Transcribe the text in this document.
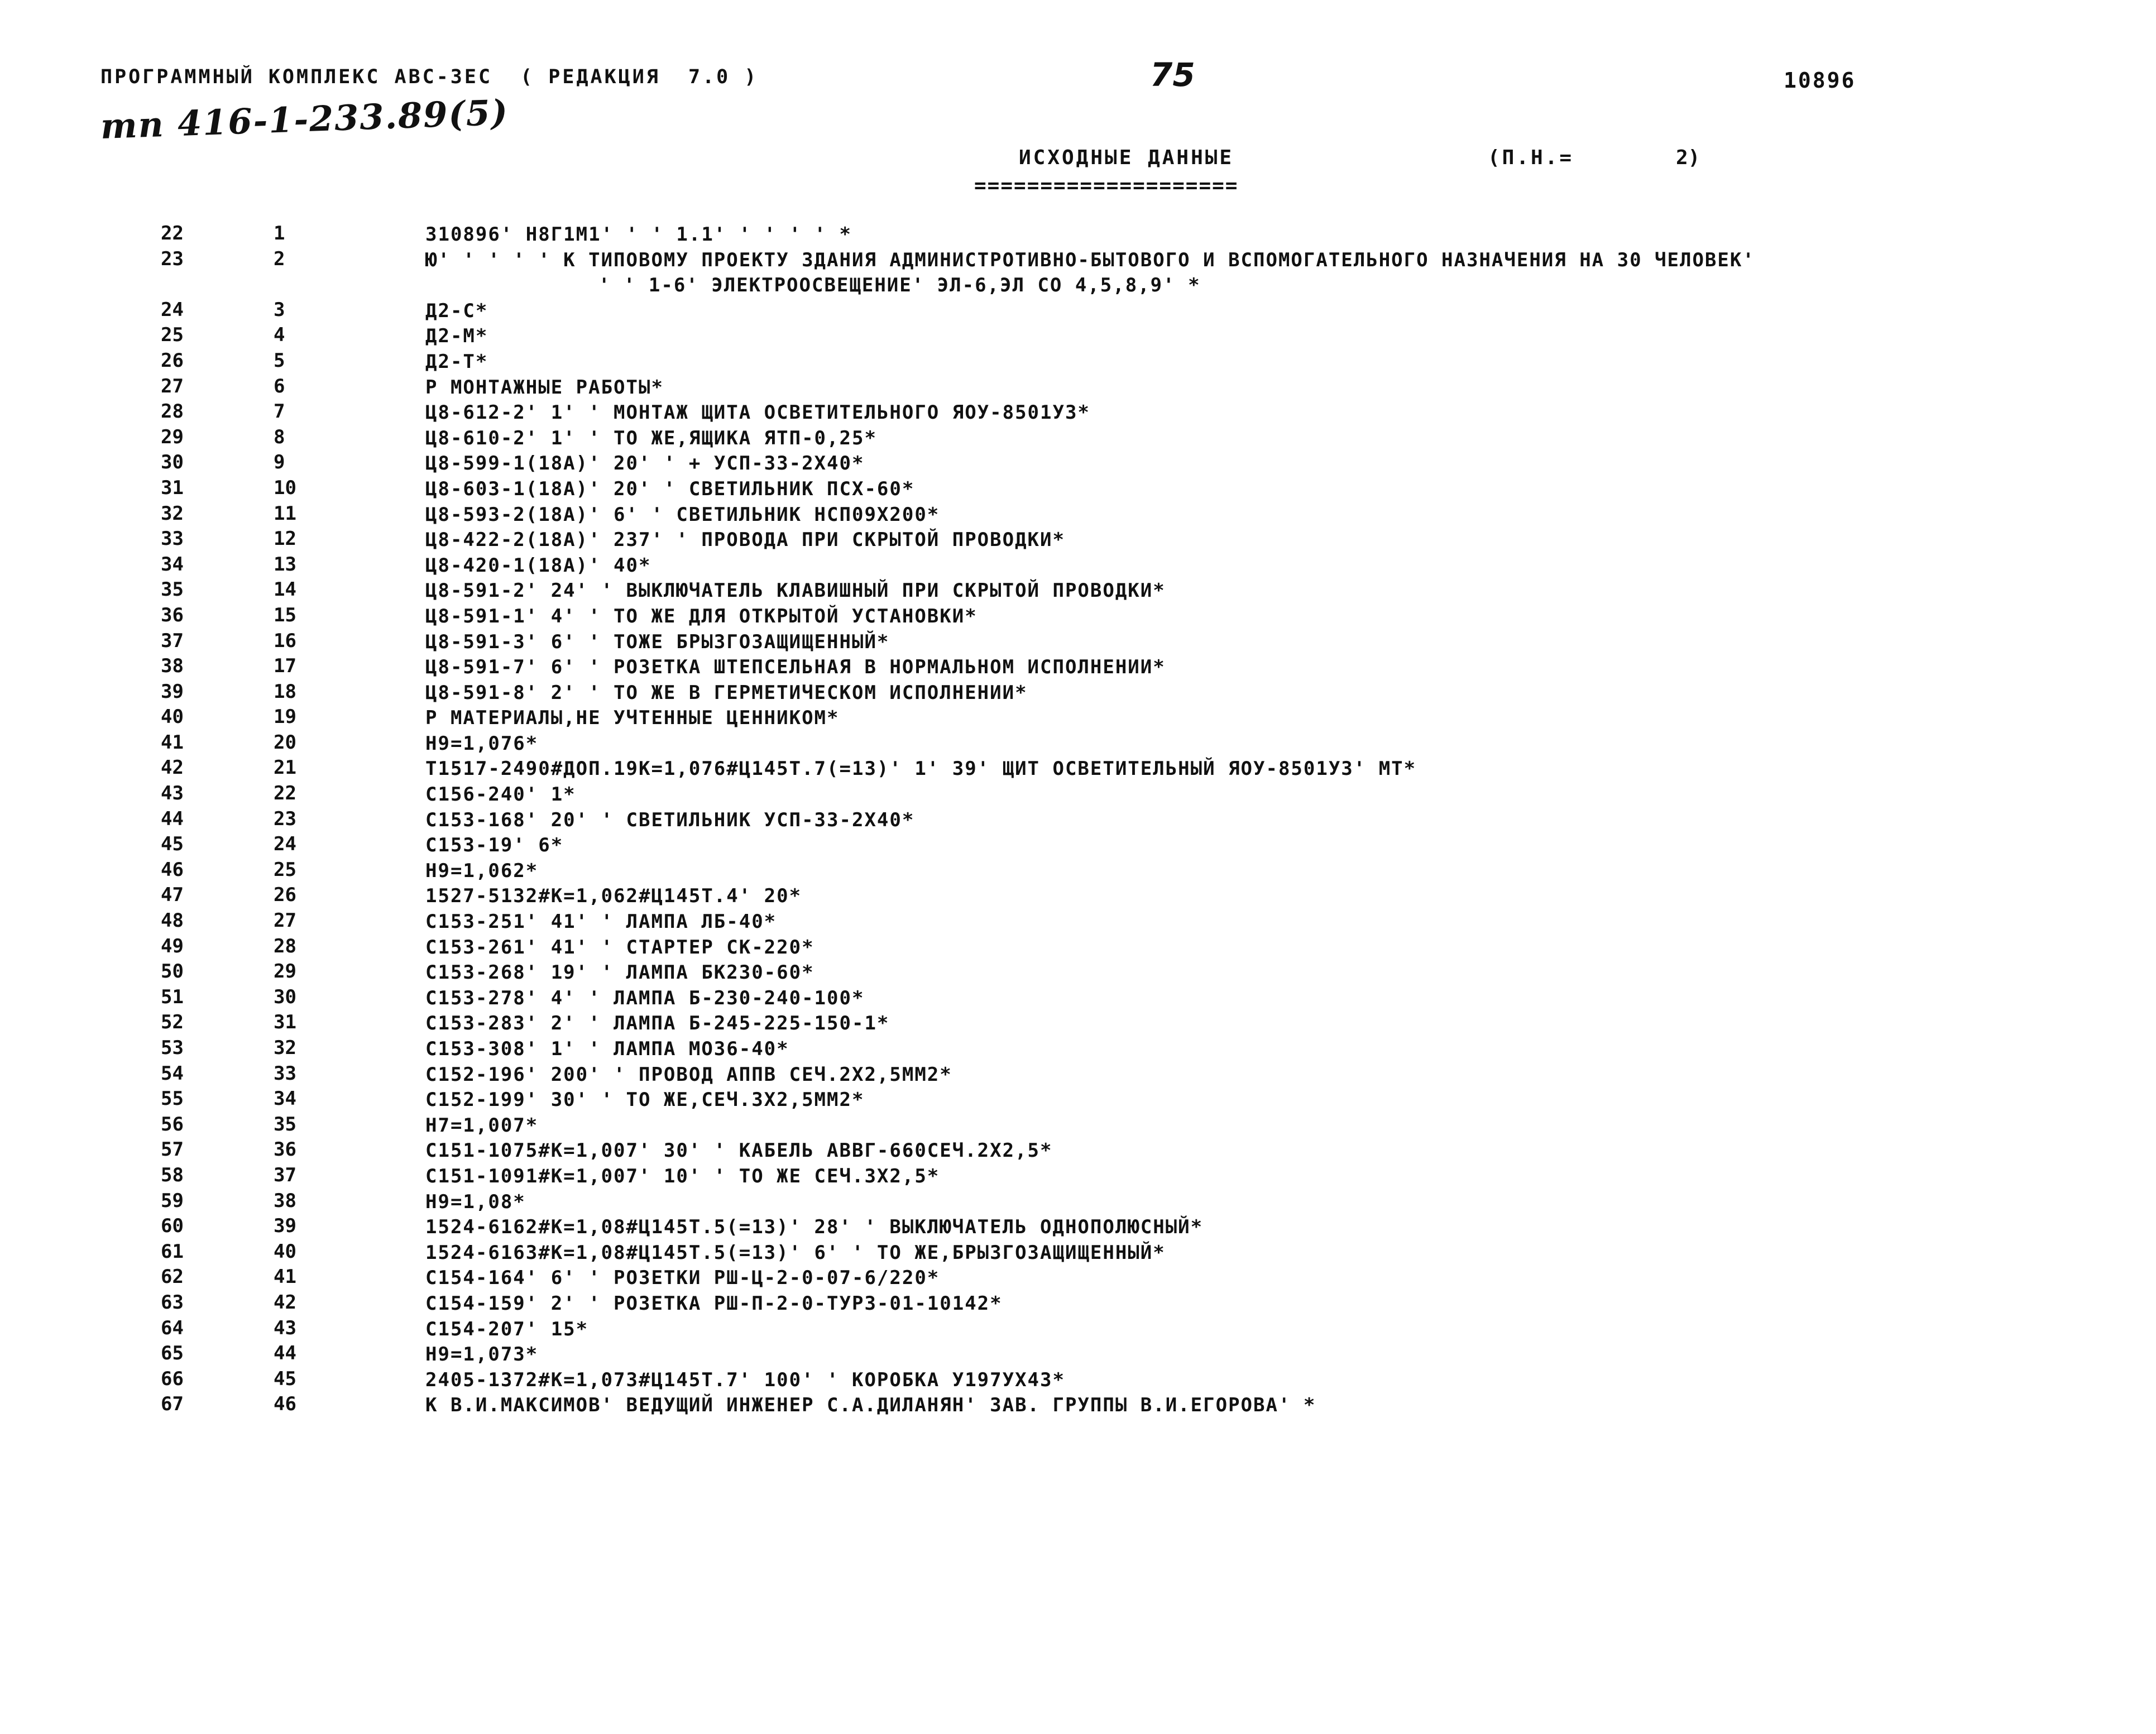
ПРОГРАММНЫЙ КОМПЛЕКС АВС-3ЕС  ( РЕДАКЦИЯ  7.0 )	75	10896
тп 416-1-233.89(5)
ИСХОДНЫЕ ДАННЫЕ	(П.Н.=	2)
====================
22	1	310896' Н8Г1М1' ' ' 1.1' ' ' ' ' *
23	2	Ю' ' ' ' ' К ТИПОВОМУ ПРОЕКТУ ЗДАНИЯ АДМИНИСТРОТИВНО-БЫТОВОГО И ВСПОМОГАТЕЛЬНОГО НАЗНАЧЕНИЯ НА 30 ЧЕЛОВЕК'
' ' 1-6' ЭЛЕКТРООСВЕЩЕНИЕ' ЭЛ-6,ЭЛ СО 4,5,8,9' *
24	3	Д2-С*
25	4	Д2-М*
26	5	Д2-Т*
27	6	Р МОНТАЖНЫЕ РАБОТЫ*
28	7	Ц8-612-2' 1' ' МОНТАЖ ЩИТА ОСВЕТИТЕЛЬНОГО ЯОУ-8501У3*
29	8	Ц8-610-2' 1' ' ТО ЖЕ,ЯЩИКА ЯТП-0,25*
30	9	Ц8-599-1(18А)' 20' ' + УСП-33-2Х40*
31	10	Ц8-603-1(18А)' 20' ' СВЕТИЛЬНИК ПСХ-60*
32	11	Ц8-593-2(18А)' 6' ' СВЕТИЛЬНИК НСП09Х200*
33	12	Ц8-422-2(18А)' 237' ' ПРОВОДА ПРИ СКРЫТОЙ ПРОВОДКИ*
34	13	Ц8-420-1(18А)' 40*
35	14	Ц8-591-2' 24' ' ВЫКЛЮЧАТЕЛЬ КЛАВИШНЫЙ ПРИ СКРЫТОЙ ПРОВОДКИ*
36	15	Ц8-591-1' 4' ' ТО ЖЕ ДЛЯ ОТКРЫТОЙ УСТАНОВКИ*
37	16	Ц8-591-3' 6' ' ТОЖЕ БРЫЗГОЗАЩИЩЕННЫЙ*
38	17	Ц8-591-7' 6' ' РОЗЕТКА ШТЕПСЕЛЬНАЯ В НОРМАЛЬНОМ ИСПОЛНЕНИИ*
39	18	Ц8-591-8' 2' ' ТО ЖЕ В ГЕРМЕТИЧЕСКОМ ИСПОЛНЕНИИ*
40	19	Р МАТЕРИАЛЫ,НЕ УЧТЕННЫЕ ЦЕННИКОМ*
41	20	Н9=1,076*
42	21	Т1517-2490#ДОП.19К=1,076#Ц145Т.7(=13)' 1' 39' ЩИТ ОСВЕТИТЕЛЬНЫЙ ЯОУ-8501У3' МТ*
43	22	С156-240' 1*
44	23	С153-168' 20' ' СВЕТИЛЬНИК УСП-33-2Х40*
45	24	С153-19' 6*
46	25	Н9=1,062*
47	26	1527-5132#К=1,062#Ц145Т.4' 20*
48	27	С153-251' 41' ' ЛАМПА ЛБ-40*
49	28	С153-261' 41' ' СТАРТЕР СК-220*
50	29	С153-268' 19' ' ЛАМПА БК230-60*
51	30	С153-278' 4' ' ЛАМПА Б-230-240-100*
52	31	С153-283' 2' ' ЛАМПА Б-245-225-150-1*
53	32	С153-308' 1' ' ЛАМПА МО36-40*
54	33	С152-196' 200' ' ПРОВОД АППВ СЕЧ.2Х2,5ММ2*
55	34	С152-199' 30' ' ТО ЖЕ,СЕЧ.3Х2,5ММ2*
56	35	Н7=1,007*
57	36	С151-1075#К=1,007' 30' ' КАБЕЛЬ АВВГ-660СЕЧ.2Х2,5*
58	37	С151-1091#К=1,007' 10' ' ТО ЖЕ СЕЧ.3Х2,5*
59	38	Н9=1,08*
60	39	1524-6162#К=1,08#Ц145Т.5(=13)' 28' ' ВЫКЛЮЧАТЕЛЬ ОДНОПОЛЮСНЫЙ*
61	40	1524-6163#К=1,08#Ц145Т.5(=13)' 6' ' ТО ЖЕ,БРЫЗГОЗАЩИЩЕННЫЙ*
62	41	С154-164' 6' ' РОЗЕТКИ РШ-Ц-2-0-07-6/220*
63	42	С154-159' 2' ' РОЗЕТКА РШ-П-2-0-ТУР3-01-10142*
64	43	С154-207' 15*
65	44	Н9=1,073*
66	45	2405-1372#К=1,073#Ц145Т.7' 100' ' КОРОБКА У197УХ43*
67	46	К В.И.МАКСИМОВ' ВЕДУЩИЙ ИНЖЕНЕР С.А.ДИЛАНЯН' ЗАВ. ГРУППЫ В.И.ЕГОРОВА' *
